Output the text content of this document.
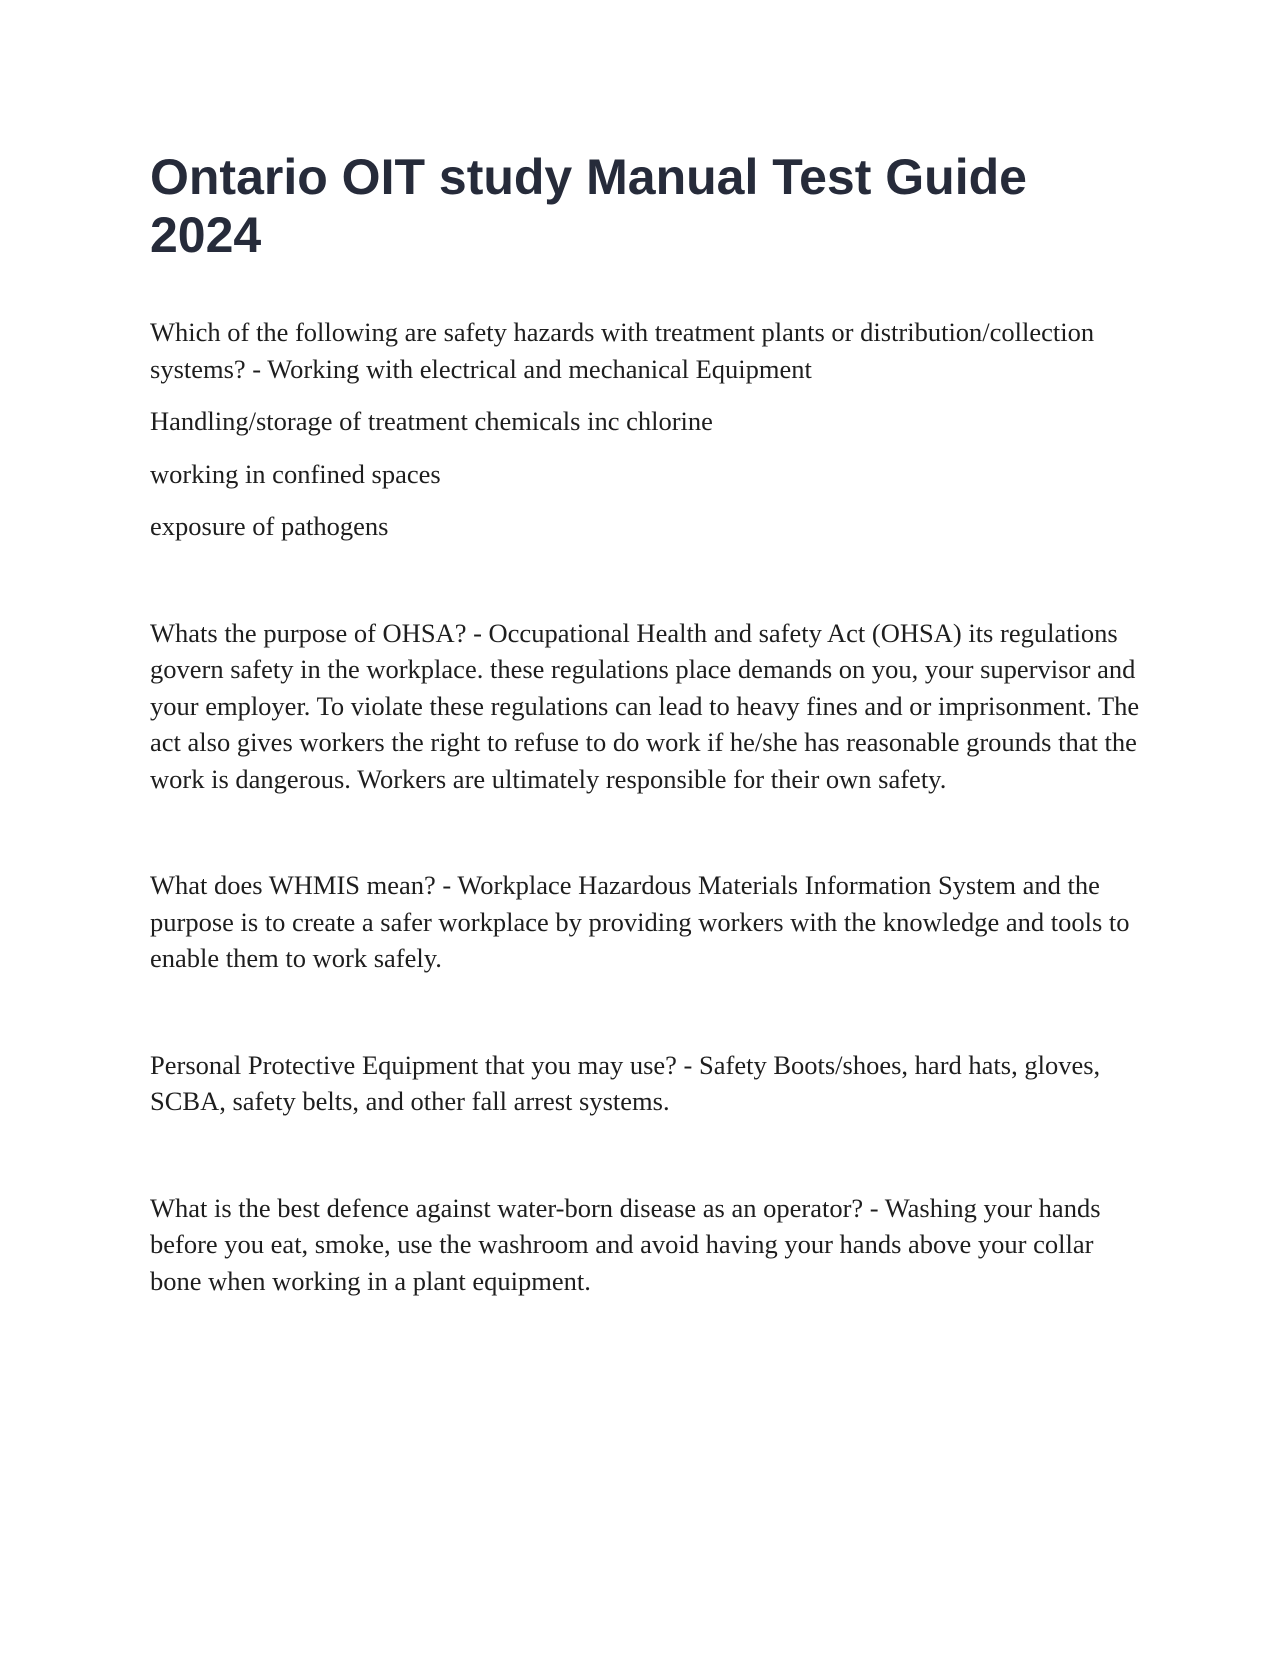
Ontario OIT study Manual Test Guide 2024

Which of the following are safety hazards with treatment plants or distribution/collection systems? - Working with electrical and mechanical Equipment

Handling/storage of treatment chemicals inc chlorine

working in confined spaces

exposure of pathogens

Whats the purpose of OHSA? - Occupational Health and safety Act (OHSA) its regulations govern safety in the workplace. these regulations place demands on you, your supervisor and your employer. To violate these regulations can lead to heavy fines and or imprisonment. The act also gives workers the right to refuse to do work if he/she has reasonable grounds that the work is dangerous. Workers are ultimately responsible for their own safety.

What does WHMIS mean? - Workplace Hazardous Materials Information System and the purpose is to create a safer workplace by providing workers with the knowledge and tools to enable them to work safely.

Personal Protective Equipment that you may use? - Safety Boots/shoes, hard hats, gloves, SCBA, safety belts, and other fall arrest systems.

What is the best defence against water-born disease as an operator? - Washing your hands before you eat, smoke, use the washroom and avoid having your hands above your collar bone when working in a plant equipment.
